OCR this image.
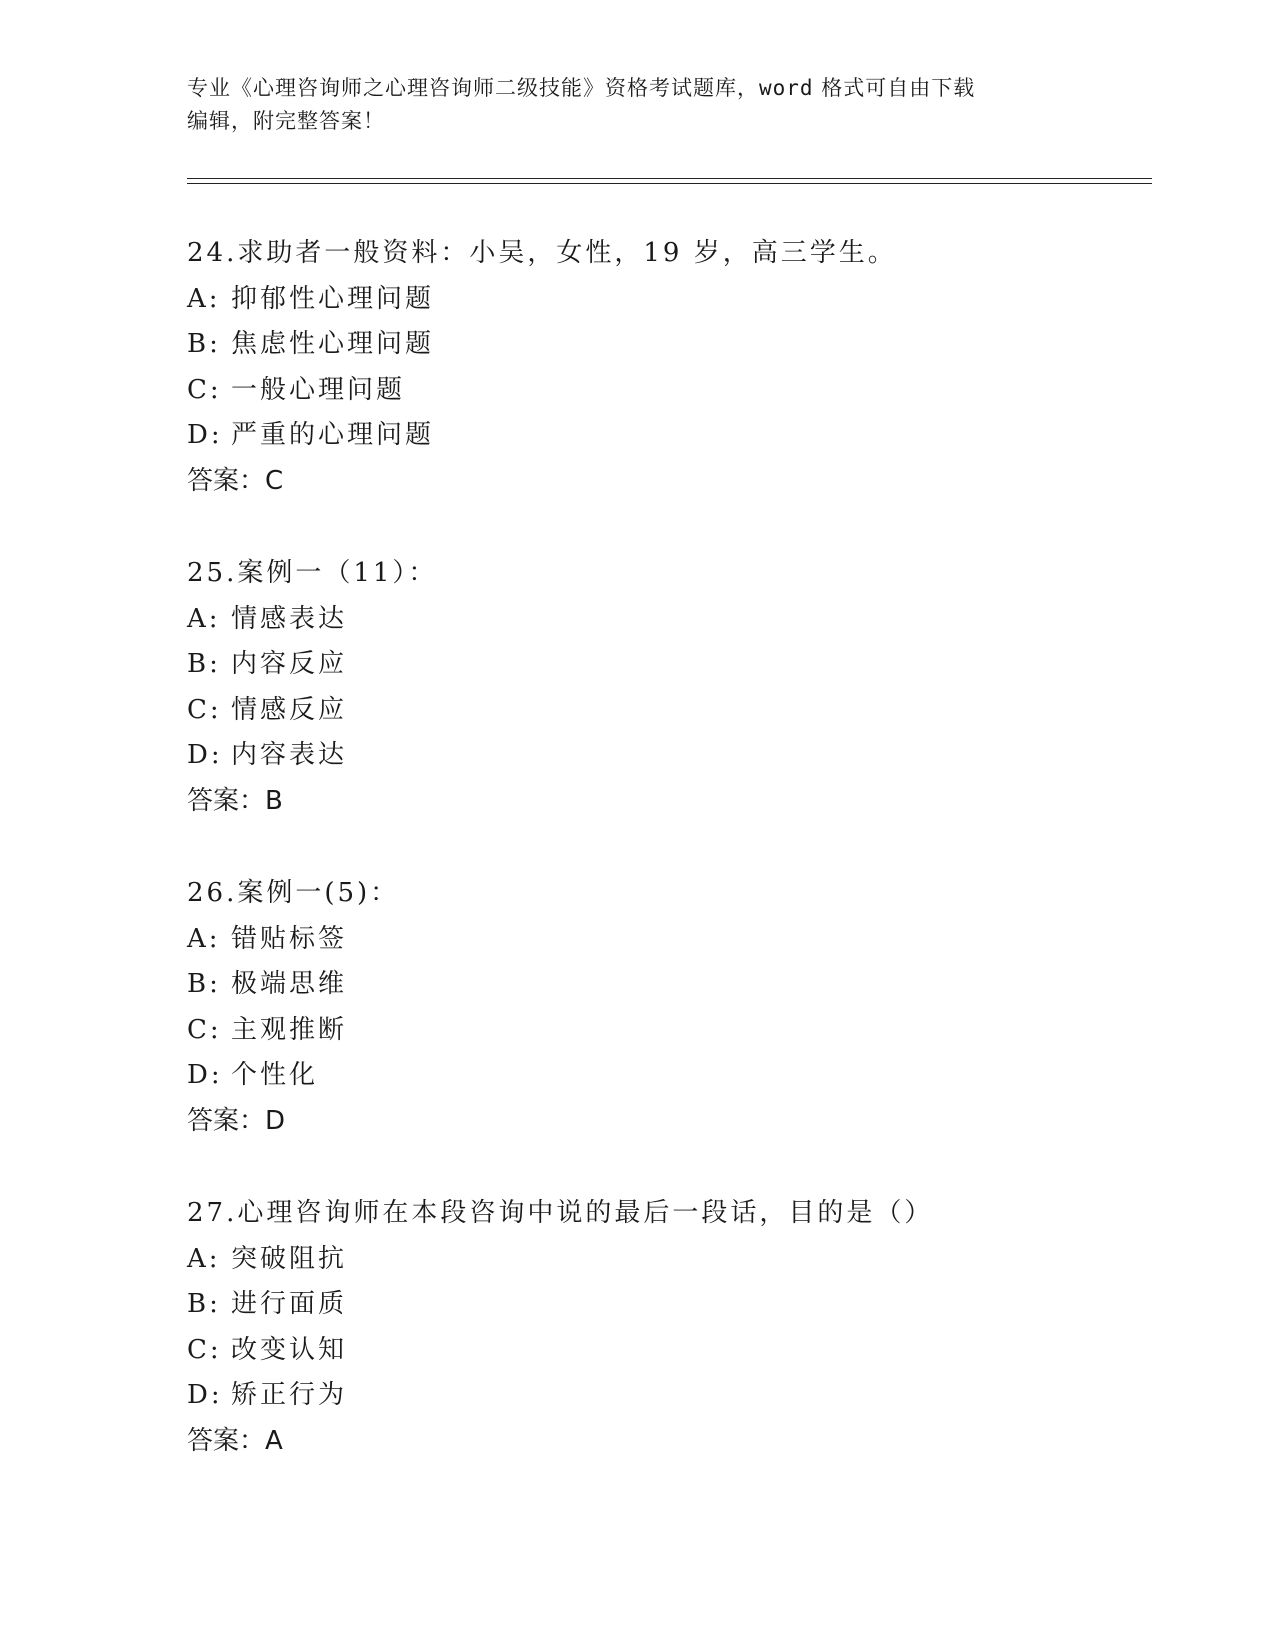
专业《心理咨询师之心理咨询师二级技能》资格考试题库，word 格式可自由下载
编辑，附完整答案！
24.求助者一般资料：小吴，女性，19 岁，高三学生。
A: 抑郁性心理问题
B: 焦虑性心理问题
C: 一般心理问题
D: 严重的心理问题
答案：C
25.案例一（11）：
A: 情感表达
B: 内容反应
C: 情感反应
D: 内容表达
答案：B
26.案例一(5)：
A: 错贴标签
B: 极端思维
C: 主观推断
D: 个性化
答案：D
27.心理咨询师在本段咨询中说的最后一段话，目的是（）
A: 突破阻抗
B: 进行面质
C: 改变认知
D: 矫正行为
答案：A
